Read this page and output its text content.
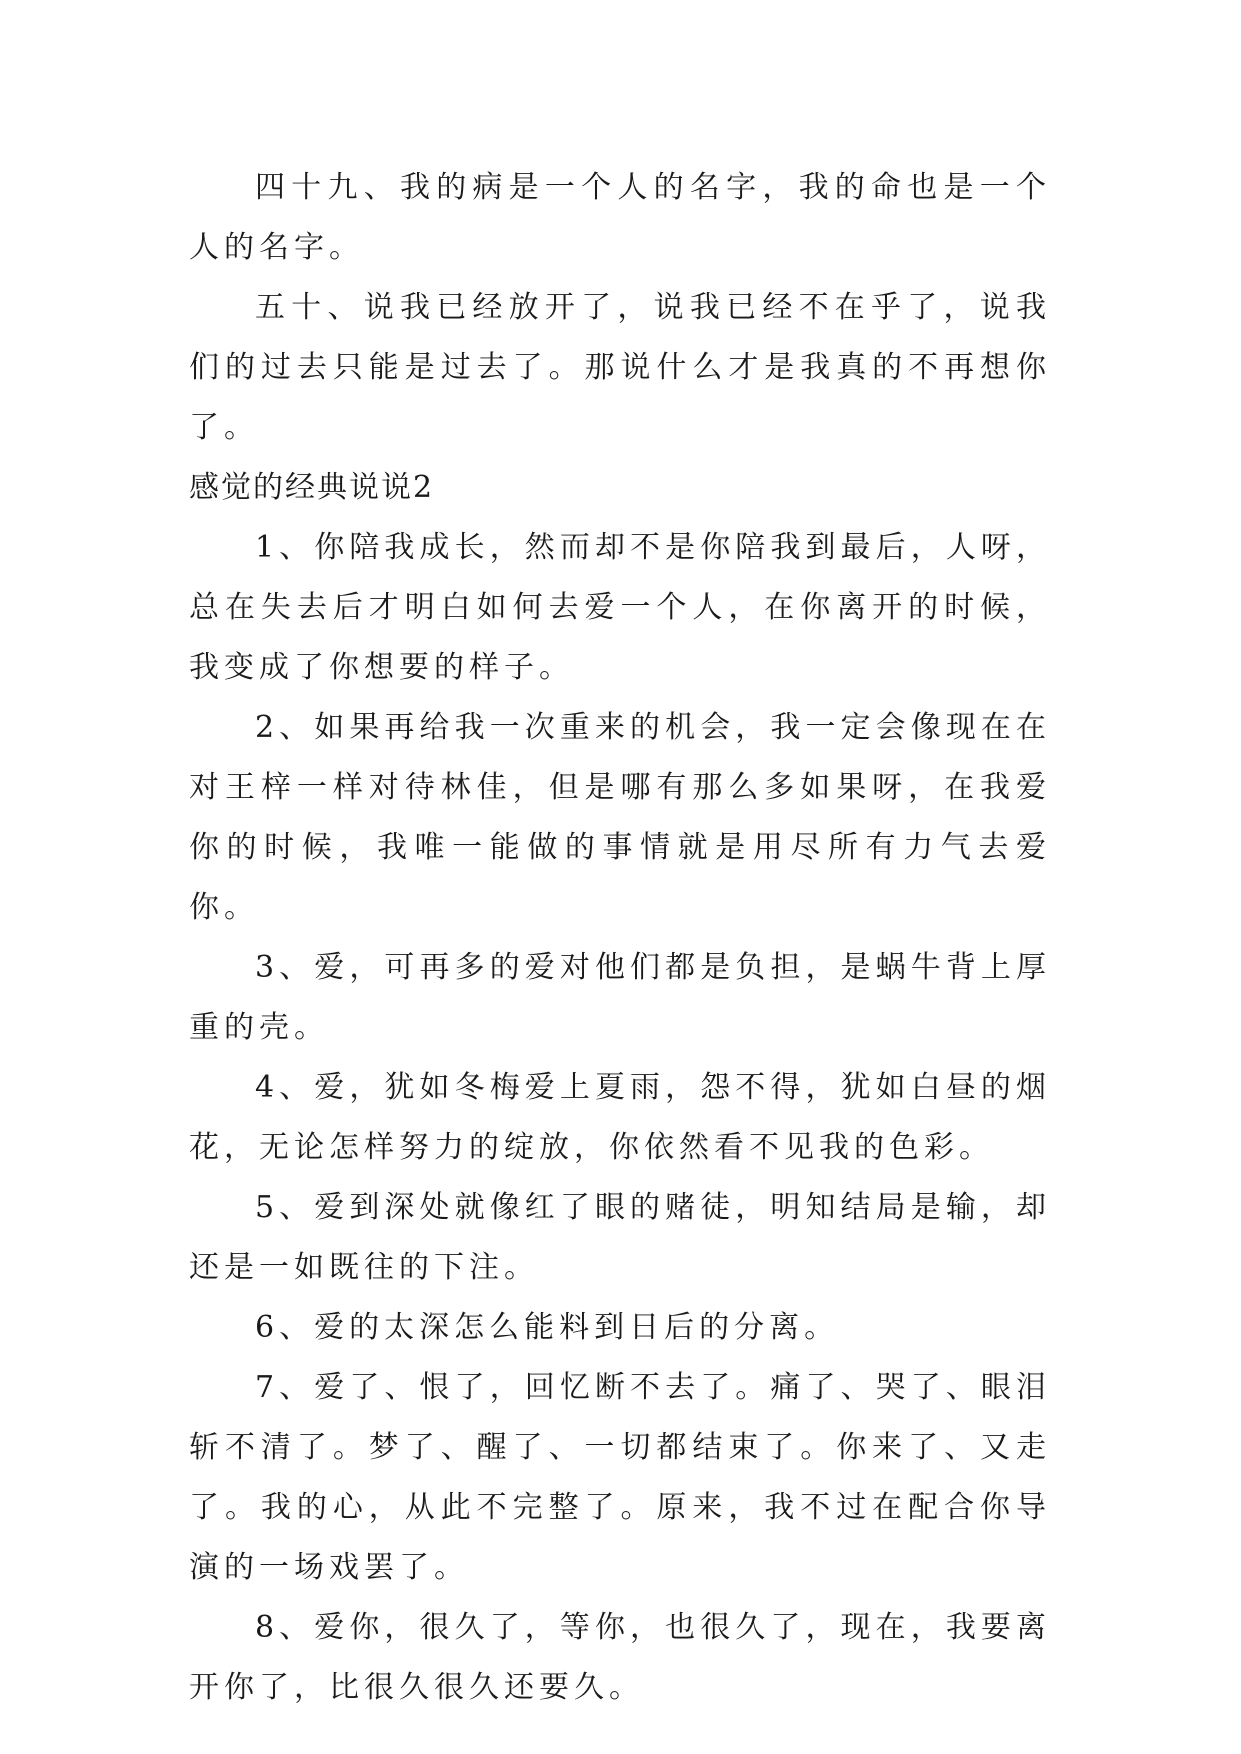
四十九、我的病是一个人的名字，我的命也是一个人的名字。

五十、说我已经放开了，说我已经不在乎了，说我们的过去只能是过去了。那说什么才是我真的不再想你了。

感觉的经典说说2

1、你陪我成长，然而却不是你陪我到最后，人呀，总在失去后才明白如何去爱一个人，在你离开的时候，我变成了你想要的样子。

2、如果再给我一次重来的机会，我一定会像现在在对王梓一样对待林佳，但是哪有那么多如果呀，在我爱你的时候，我唯一能做的事情就是用尽所有力气去爱你。

3、爱，可再多的爱对他们都是负担，是蜗牛背上厚重的壳。

4、爱，犹如冬梅爱上夏雨，怨不得，犹如白昼的烟花，无论怎样努力的绽放，你依然看不见我的色彩。

5、爱到深处就像红了眼的赌徒，明知结局是输，却还是一如既往的下注。

6、爱的太深怎么能料到日后的分离。

7、爱了、恨了，回忆断不去了。痛了、哭了、眼泪斩不清了。梦了、醒了、一切都结束了。你来了、又走了。我的心，从此不完整了。原来，我不过在配合你导演的一场戏罢了。

8、爱你，很久了，等你，也很久了，现在，我要离开你了，比很久很久还要久。
